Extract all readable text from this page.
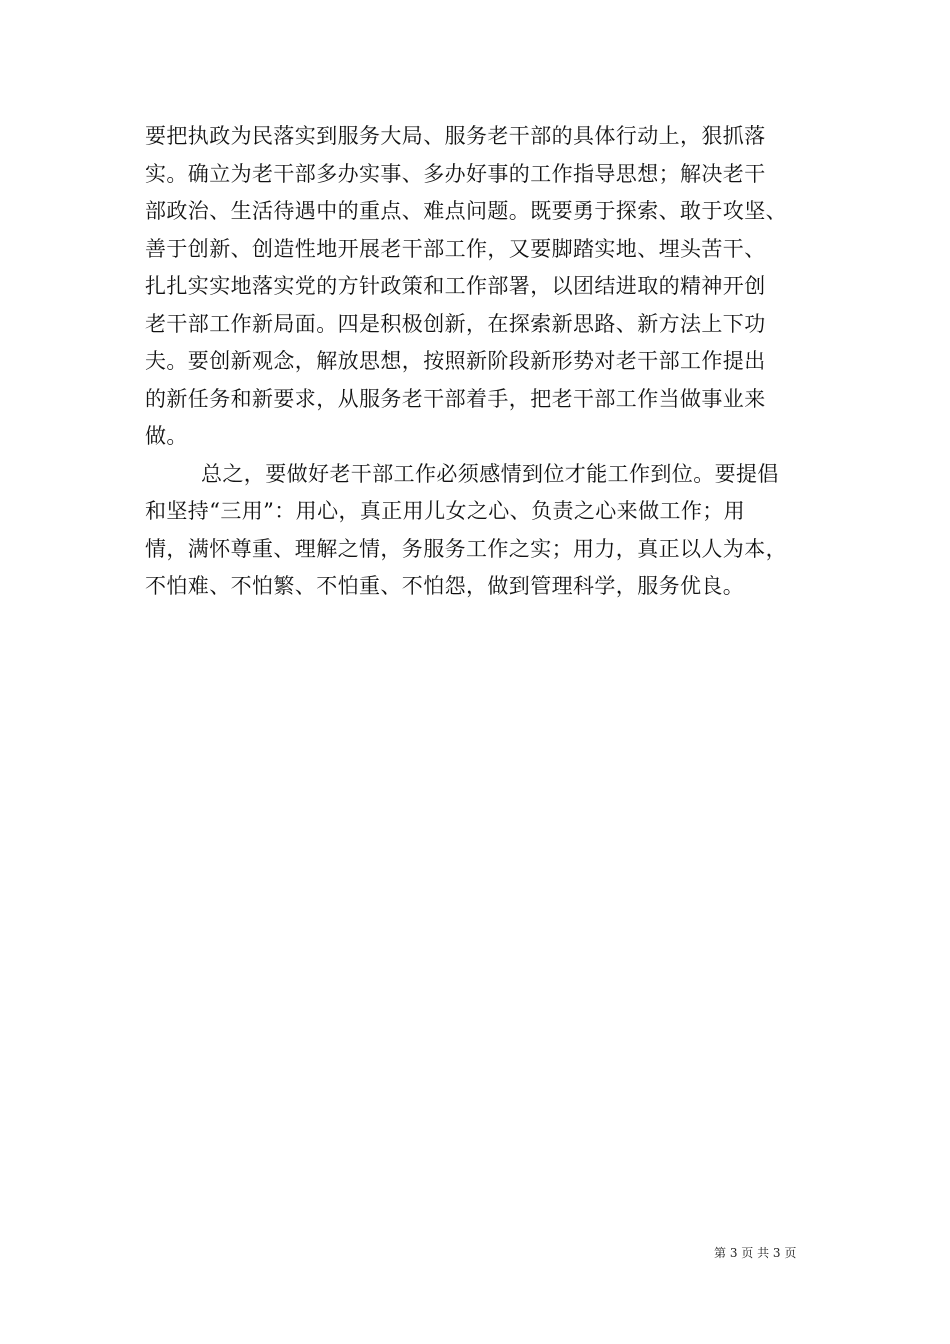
要把执政为民落实到服务大局、服务老干部的具体行动上，狠抓落
实。确立为老干部多办实事、多办好事的工作指导思想；解决老干
部政治、生活待遇中的重点、难点问题。既要勇于探索、敢于攻坚、
善于创新、创造性地开展老干部工作，又要脚踏实地、埋头苦干、
扎扎实实地落实党的方针政策和工作部署，以团结进取的精神开创
老干部工作新局面。四是积极创新，在探索新思路、新方法上下功
夫。要创新观念，解放思想，按照新阶段新形势对老干部工作提出
的新任务和新要求，从服务老干部着手，把老干部工作当做事业来
做。
总之，要做好老干部工作必须感情到位才能工作到位。要提倡
和坚持“三用”：用心，真正用儿女之心、负责之心来做工作；用
情，满怀尊重、理解之情，务服务工作之实；用力，真正以人为本，
不怕难、不怕繁、不怕重、不怕怨，做到管理科学，服务优良。
第 3 页 共 3 页
